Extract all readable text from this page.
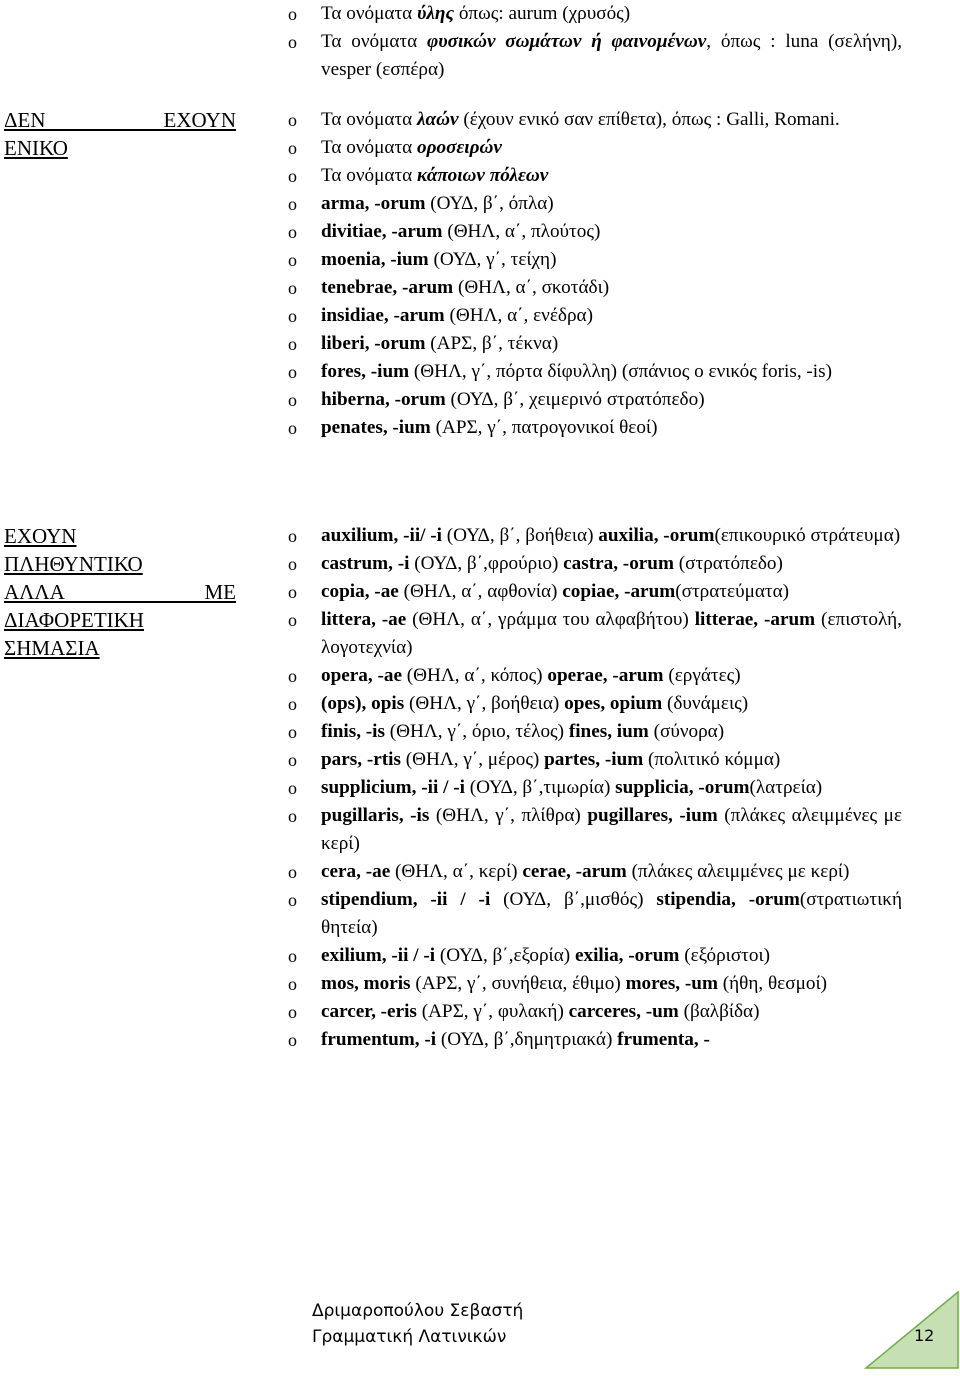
o	Τα ονόματα ύλης όπως: aurum (χρυσός)
o	Τα ονόματα φυσικών σωμάτων ή φαινομένων, όπως : luna (σελήνη), vesper (εσπέρα)
ΔΕΝ ΕΧΟΥΝ
ΕΝΙΚΟ
o	Τα ονόματα λαών (έχουν ενικό σαν επίθετα), όπως : Galli, Romani.
o	Τα ονόματα οροσειρών
o	Τα ονόματα κάποιων πόλεων
o	arma, -orum (ΟΥΔ, β΄, όπλα)
o	divitiae, -arum (ΘΗΛ, α΄, πλούτος)
o	moenia, -ium (ΟΥΔ, γ΄, τείχη)
o	tenebrae, -arum (ΘΗΛ, α΄, σκοτάδι)
o	insidiae, -arum (ΘΗΛ, α΄, ενέδρα)
o	liberi, -orum (ΑΡΣ, β΄, τέκνα)
o	fores, -ium (ΘΗΛ, γ΄, πόρτα δίφυλλη) (σπάνιος ο ενικός foris, -is)
o	hiberna, -orum (ΟΥΔ, β΄, χειμερινό στρατόπεδο)
o	penates, -ium (ΑΡΣ, γ΄, πατρογονικοί θεοί)
ΕΧΟΥΝ
ΠΛΗΘΥΝΤΙΚΟ
ΑΛΛΑ ΜΕ
ΔΙΑΦΟΡΕΤΙΚΗ
ΣΗΜΑΣΙΑ
o	auxilium, -ii/ -i (ΟΥΔ, β΄, βοήθεια) auxilia, -orum(επικουρικό στράτευμα)
o	castrum, -i (ΟΥΔ, β΄,φρούριο) castra, -orum (στρατόπεδο)
o	copia, -ae (ΘΗΛ, α΄, αφθονία) copiae, -arum(στρατεύματα)
o	littera, -ae (ΘΗΛ, α΄, γράμμα του αλφαβήτου) litterae, -arum (επιστολή, λογοτεχνία)
o	opera, -ae (ΘΗΛ, α΄, κόπος) operae, -arum (εργάτες)
o	(ops), opis (ΘΗΛ, γ΄, βοήθεια) opes, opium (δυνάμεις)
o	finis, -is (ΘΗΛ, γ΄, όριο, τέλος) fines, ium (σύνορα)
o	pars, -rtis (ΘΗΛ, γ΄, μέρος) partes, -ium (πολιτικό κόμμα)
o	supplicium, -ii / -i (ΟΥΔ, β΄,τιμωρία) supplicia, -orum(λατρεία)
o	pugillaris, -is (ΘΗΛ, γ΄, πλίθρα) pugillares, -ium (πλάκες αλειμμένες με κερί)
o	cera, -ae (ΘΗΛ, α΄, κερί) cerae, -arum (πλάκες αλειμμένες με κερί)
o	stipendium, -ii / -i (ΟΥΔ, β΄,μισθός) stipendia, -orum(στρατιωτική θητεία)
o	exilium, -ii / -i (ΟΥΔ, β΄,εξορία) exilia, -orum (εξόριστοι)
o	mos, moris (ΑΡΣ, γ΄, συνήθεια, έθιμο) mores, -um (ήθη, θεσμοί)
o	carcer, -eris (ΑΡΣ, γ΄, φυλακή) carceres, -um (βαλβίδα)
o	frumentum, -i (ΟΥΔ, β΄,δημητριακά) frumenta, -
Δριμαροπούλου Σεβαστή
Γραμματική Λατινικών	12
